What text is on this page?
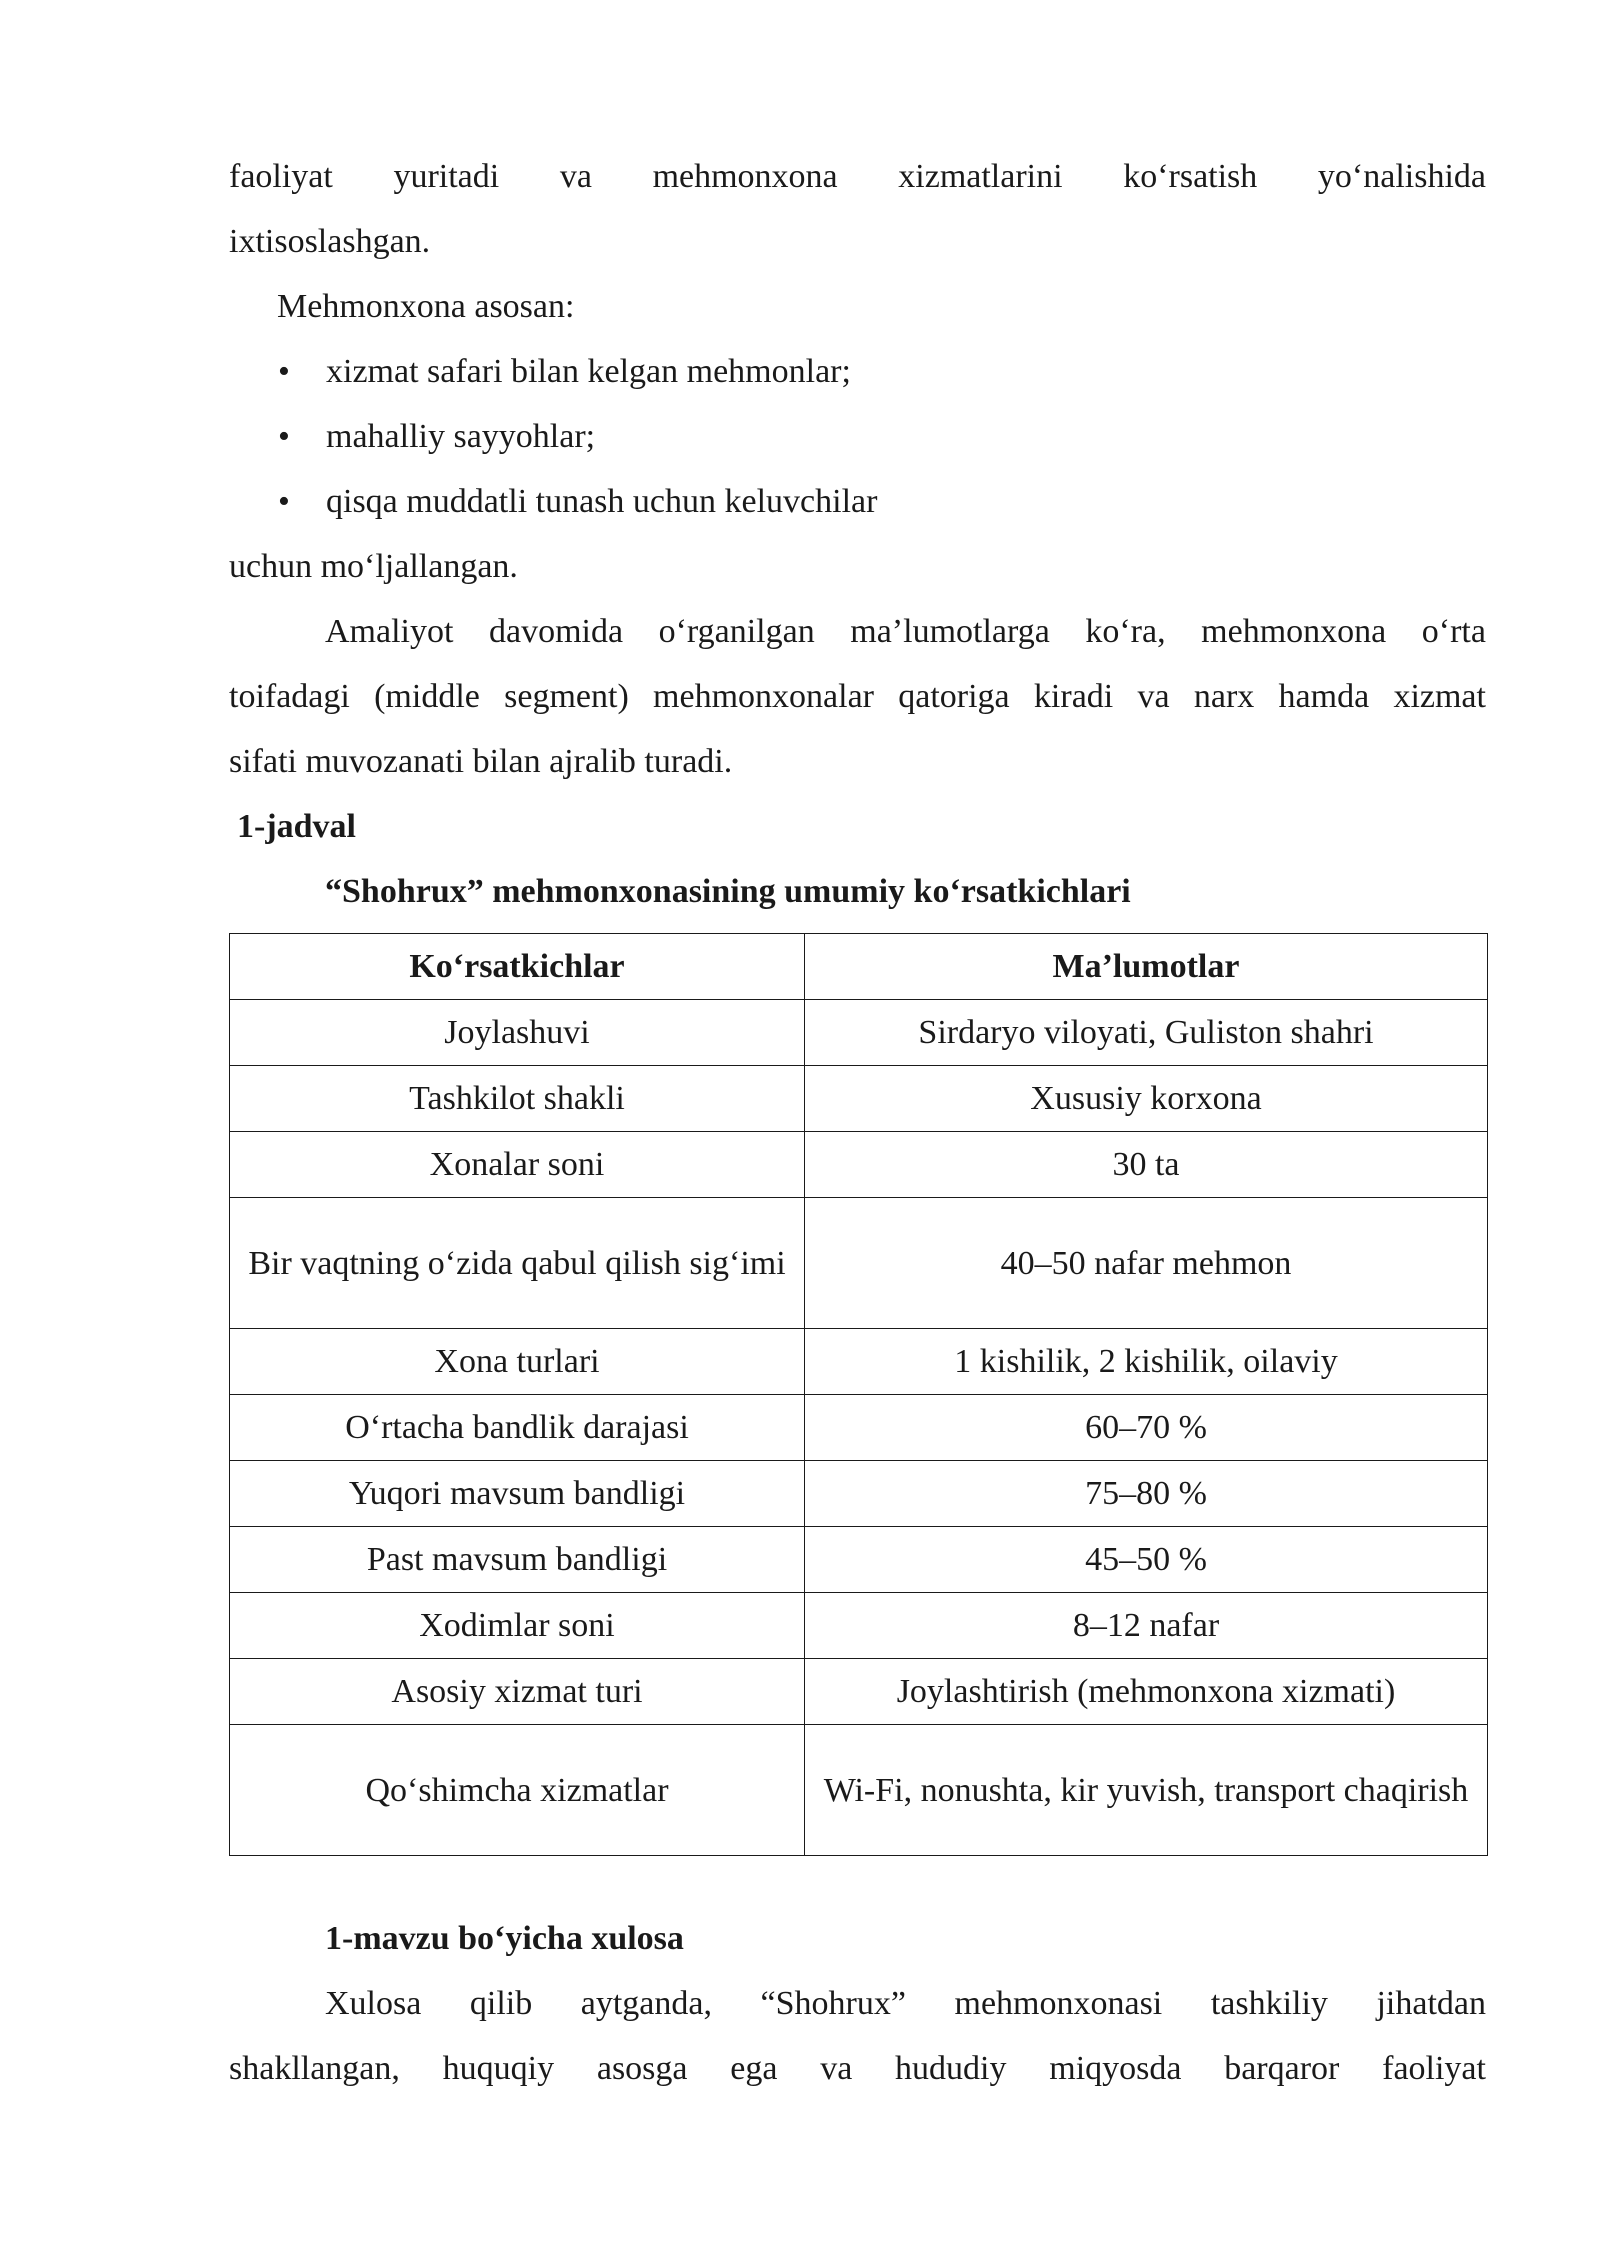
faoliyat yuritadi va mehmonxona xizmatlarini ko‘rsatish yo‘nalishida
ixtisoslashgan.
Mehmonxona asosan:
• xizmat safari bilan kelgan mehmonlar;
• mahalliy sayyohlar;
• qisqa muddatli tunash uchun keluvchilar
uchun mo‘ljallangan.
Amaliyot davomida o‘rganilgan ma’lumotlarga ko‘ra, mehmonxona o‘rta
toifadagi (middle segment) mehmonxonalar qatoriga kiradi va narx hamda xizmat
sifati muvozanati bilan ajralib turadi.
1-jadval
“Shohrux” mehmonxonasining umumiy ko‘rsatkichlari
Ko‘rsatkichlar	Ma’lumotlar
Joylashuvi	Sirdaryo viloyati, Guliston shahri
Tashkilot shakli	Xususiy korxona
Xonalar soni	30 ta
Bir vaqtning o‘zida qabul qilish sig‘imi	40–50 nafar mehmon
Xona turlari	1 kishilik, 2 kishilik, oilaviy
O‘rtacha bandlik darajasi	60–70 %
Yuqori mavsum bandligi	75–80 %
Past mavsum bandligi	45–50 %
Xodimlar soni	8–12 nafar
Asosiy xizmat turi	Joylashtirish (mehmonxona xizmati)
Qo‘shimcha xizmatlar	Wi-Fi, nonushta, kir yuvish, transport chaqirish
1-mavzu bo‘yicha xulosa
Xulosa qilib aytganda, “Shohrux” mehmonxonasi tashkiliy jihatdan
shakllangan, huquqiy asosga ega va hududiy miqyosda barqaror faoliyat
